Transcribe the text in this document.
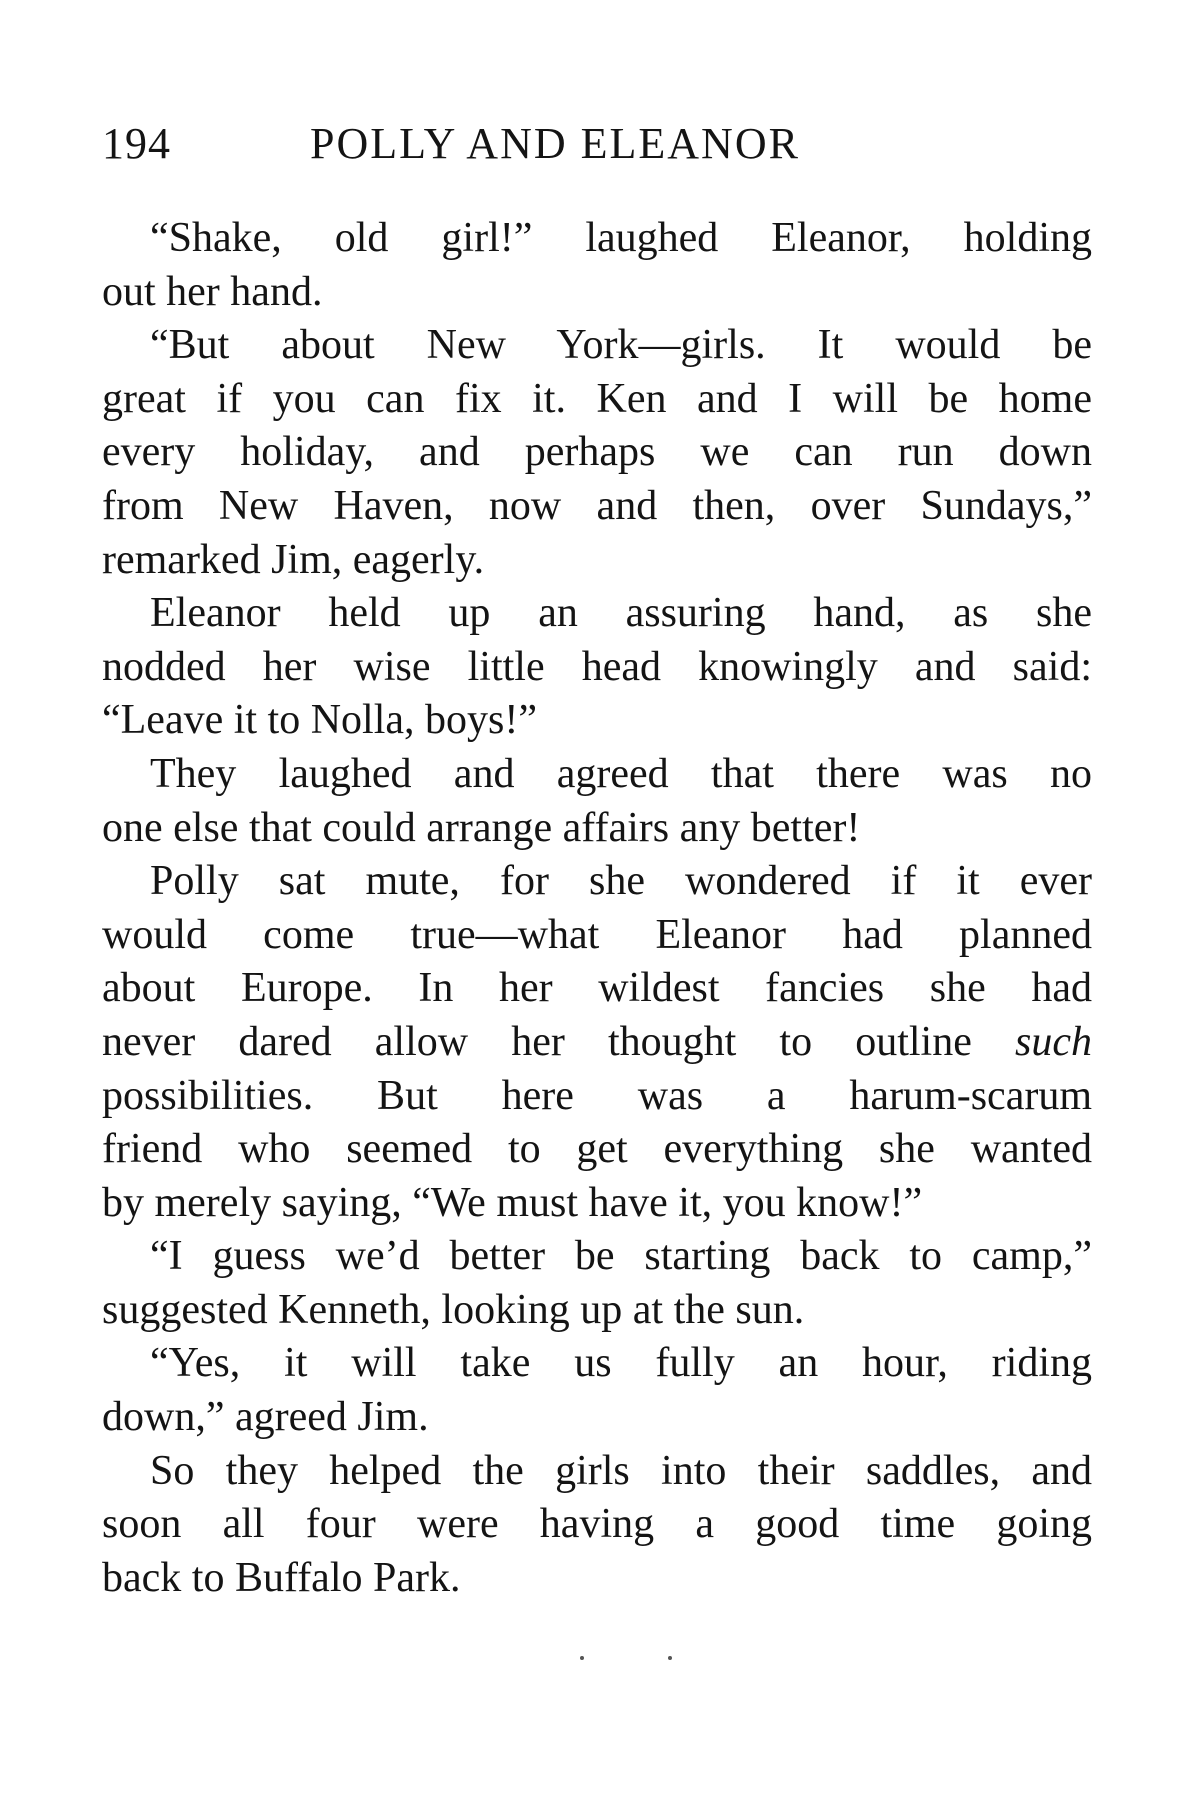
194	POLLY AND ELEANOR
“Shake, old girl!” laughed Eleanor, holding
out her hand.
“But about New York—girls. It would be
great if you can fix it. Ken and I will be home
every holiday, and perhaps we can run down
from New Haven, now and then, over Sundays,”
remarked Jim, eagerly.
Eleanor held up an assuring hand, as she
nodded her wise little head knowingly and said:
“Leave it to Nolla, boys!”
They laughed and agreed that there was no
one else that could arrange affairs any better!
Polly sat mute, for she wondered if it ever
would come true—what Eleanor had planned
about Europe. In her wildest fancies she had
never dared allow her thought to outline such
possibilities. But here was a harum-scarum
friend who seemed to get everything she wanted
by merely saying, “We must have it, you know!”
“I guess we’d better be starting back to camp,”
suggested Kenneth, looking up at the sun.
“Yes, it will take us fully an hour, riding
down,” agreed Jim.
So they helped the girls into their saddles, and
soon all four were having a good time going
back to Buffalo Park.
